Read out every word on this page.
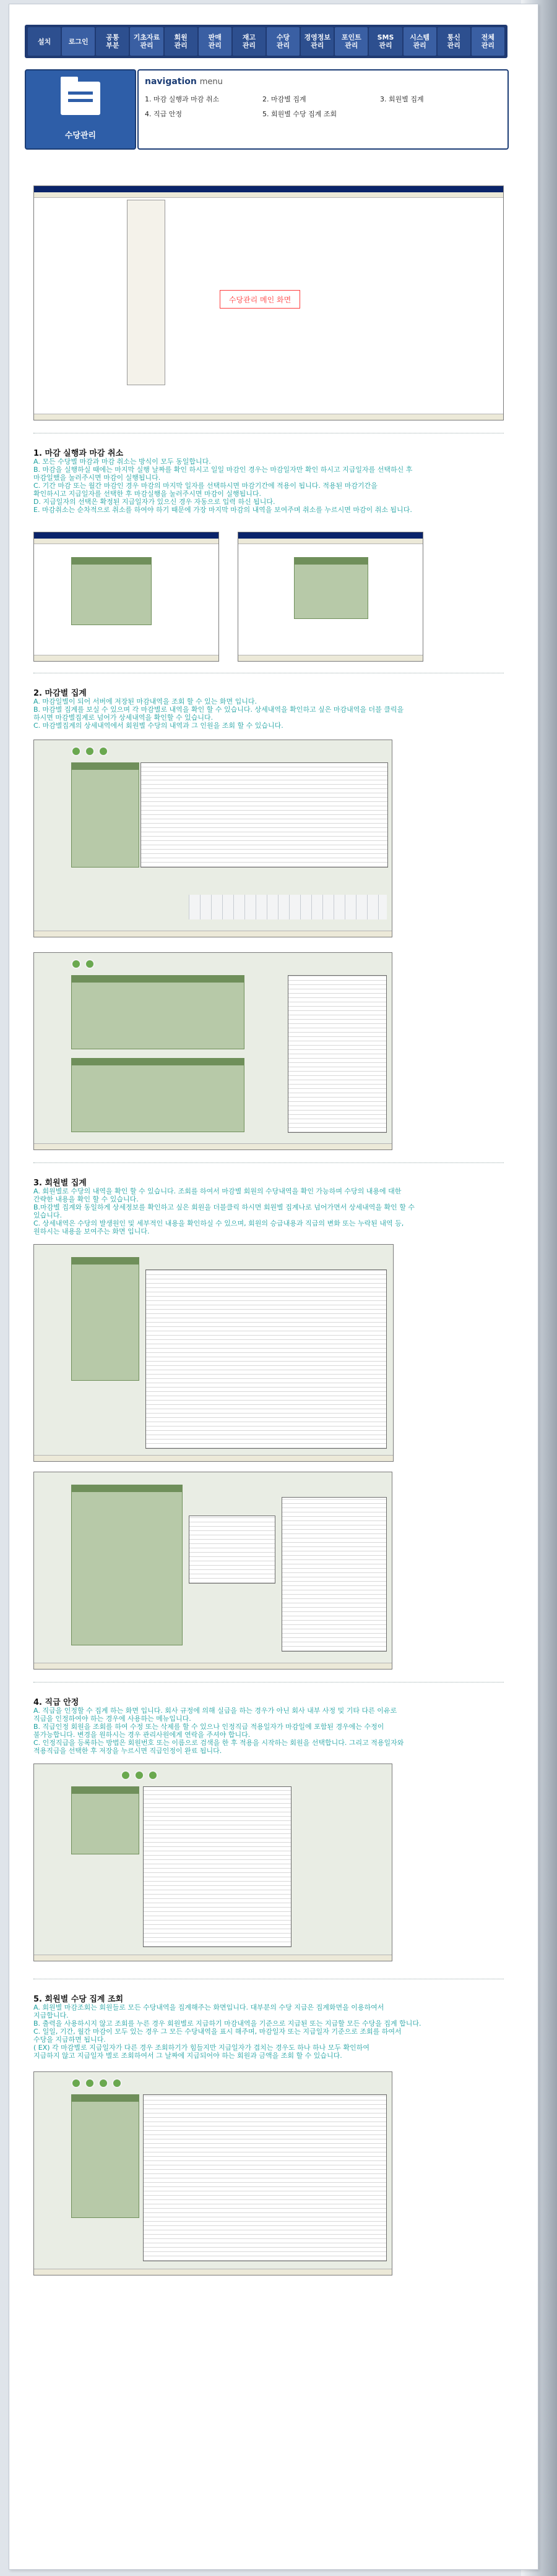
설치	로그인	공통
부분
기초자료
관리
회원
관리
판매
관리
재고
관리
수당
관리
경영정보
관리
포인트
관리
SMS
관리
시스템
관리
통신
관리
전체
관리
수당관리
navigation menu
1. 마감 실행과 마감 취소	2. 마감별 집계	3. 회원별 집계
4. 직급 안정	5. 회원별 수당 집계 조회
수당관리 메인 화면
1. 마감 실행과 마감 취소

A. 모든 수당별 마감과 마감 취소는 방식이 모두 동일합니다.

B. 마감을 실행하실 때에는 마지막 실행 날짜를 확인 하시고 일일 마감인 경우는 마감일자만 확인 하시고 지급일자를 선택하신 후

마감일했을 눌러주시면 마감이 실행됩니다.

C. 기간 마감 또는 월간 마감인 경우 마감의 마지막 일자를 선택하시면 마감기간에 적용이 됩니다. 적용된 마감기간을

확인하시고 지급일자를 선택한 후 마감실행을 눌러주시면 마감이 실행됩니다.

D. 지급일자의 선택은 확정된 지급일자가 있으신 경우 자동으로 입력 하신 됩니다.

E. 마감취소는 순차적으로 취소를 하여야 하기 때문에 가장 마지막 마감의 내역을 보여주며 취소를 누르시면 마감이 취소 됩니다.

2. 마감별 집계

A. 마감일별이 되어 서버에 저장된 마감내역을 조회 할 수 있는 화면 입니다.

B. 마감별 집계를 보실 수 있으며 각 마감별로 내역을 확인 할 수 있습니다. 상세내역을 확인하고 싶은 마감내역을 더블 클릭을

하시면 마감별집계로 넘어가 상세내역을 확인할 수 있습니다.

C. 마감별집계의 상세내역에서 회원별 수당의 내역과 그 인원을 조회 할 수 있습니다.

3. 회원별 집계

A. 회원별로 수당의 내역을 확인 할 수 있습니다. 조회를 하여서 마감별 회원의 수당내역을 확인 가능하며 수당의 내용에 대한

간략한 내용을 확인 할 수 있습니다.

B.마감별 집계와 동일하게 상세정보를 확인하고 싶은 회원을 더블클릭 하시면 회원별 집계나로 넘어가면서 상세내역을 확인 할 수

있습니다.

C. 상세내역은 수당의 발생원인 및 세부적인 내용을 확인하실 수 있으며, 회원의 승급내용과 직급의 변화 또는 누락된 내역 등,

원하시는 내용을 보여주는 화면 입니다.

4. 직급 안정

A. 직급을 인정할 수 집계 하는 화면 입니다. 회사 규정에 의해 실급을 하는 경우가 아닌 회사 내부 사정 및 기타 다른 이유로

직급을 인정하여야 하는 경우에 사용하는 메뉴입니다.

B. 직급인정 회원을 조회를 하여 수정 또는 삭제를 할 수 있으나 인정직급 적용일자가 마감일에 포함된 경우에는 수정이

불가능합니다. 변경을 원하시는 경우 관리사원에게 연락을 주셔야 합니다.

C. 인정직급을 등록하는 방법은 회원번호 또는 이름으로 검색을 한 후 적용을 시작하는 회원을 선택합니다. 그리고 적용일자와

적용직급을 선택한 후 저장을 누르시면 직급인정이 완료 됩니다.

5. 회원별 수당 집계 조회

A. 회원별 마감조회는 회원들로 모든 수당내역을 집계해주는 화면입니다. 대부분의 수당 지급은 집계화면을 이용하여서

지급합니다.

B. 출력을 사용하시지 않고 조회를 누른 경우 회원별로 지급하기 마감내역을 기준으로 지급된 또는 지급할 모든 수당을 집계 합니다.

C. 일일, 기간, 월간 마감이 모두 있는 경우 그 모든 수당내역을 표시 해주며, 마감일자 또는 지급일자 기준으로 조회를 하여서

수당을 지급하면 됩니다.

( EX) 각 마감별로 지급일자가 다른 경우 조회하기가 힘들지만 지급일자가 겹치는 경우도 하나 하나 모두 확인하여

지급하지 않고 지급일자 별로 조회하여서 그 날짜에 지급되어야 하는 회원과 금액을 조회 할 수 있습니다.
